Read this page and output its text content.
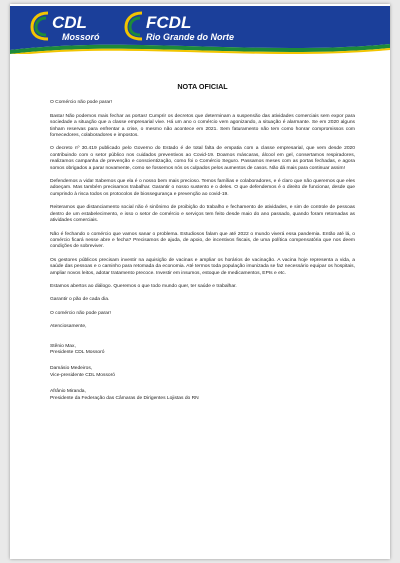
CDL
Mossoró
FCDL
Rio Grande do Norte
NOTA OFICIAL

O Comércio não pode parar!

Basta! Não podemos mais fechar as portas! Cumprir os decretos que determinam a suspensão das atividades comerciais sem expor para sociedade a situação que a classe empresarial vive. Há um ano o comércio vem agonizando, a situação é alarmante. Se em 2020 alguns tinham reservas para enfrentar a crise, o mesmo não acontece em 2021. Sem faturamento não tem como honrar compromissos com fornecedores, colaboradores e impostos.

O decreto nº 30.419 publicado pelo Governo do Estado é de total falta de empatia com a classe empresarial, que vem desde 2020 contribuindo com o setor público nos cuidados preventivos ao Covid-19. Doamos máscaras, álcool em gel, consertamos respiradores, realizamos campanha de prevenção e conscientização, como foi o Comércio Seguro. Passamos meses com as portas fechadas, e agora somos obrigados a parar novamente, como se fossemos nós os culpados pelos aumentos de casos. Não dá mais para continuar assim!

Defendemos a vida! Sabemos que ela é o nosso bem mais precioso. Temos famílias e colaboradores, e é claro que não queremos que eles adoeçam. Mas também precisamos trabalhar. Garantir o nosso sustento e o deles. O que defendemos é o direito de funcionar, desde que cumprindo à risca todos os protocolos de biossegurança e prevenção ao covid-19.

Reiteramos que distanciamento social não é sinônimo de proibição do trabalho e fechamento de atividades, e sim de controle de pessoas dentro de um estabelecimento, e isso o setor de comércio e serviços tem feito desde maio do ano passado, quando foram retomadas as atividades comerciais.

Não é fechando o comércio que vamos sanar o problema. Estudiosos falam que até 2022 o mundo viverá essa pandemia. Então até lá, o comércio ficará nesse abre e fecha? Precisamos de ajuda, de apoio, de incentivos fiscais, de uma política compensatória que nos deem condições de sobreviver.

Os gestores públicos precisam investir na aquisição de vacinas e ampliar os horários de vacinação. A vacina hoje representa a vida, a saúde das pessoas e o caminho para retomada da economia. Até termos toda população imunizada se faz necessário equipar os hospitais, ampliar novos leitos, adotar tratamento precoce. Investir em insumos, estoque de medicamentos, EPIs e etc.

Estamos abertos ao diálogo. Queremos o que todo mundo quer, ter saúde e trabalhar.

Garantir o pão de cada dia.

O comércio não pode parar!

Atenciosamente,

Stênio Max,

Presidente CDL Mossoró

Damásio Medeiros,

Vice-presidente CDL Mossoró

Afrânio Miranda,

Presidente da Federação das Câmaras de Dirigentes Lojistas do RN
